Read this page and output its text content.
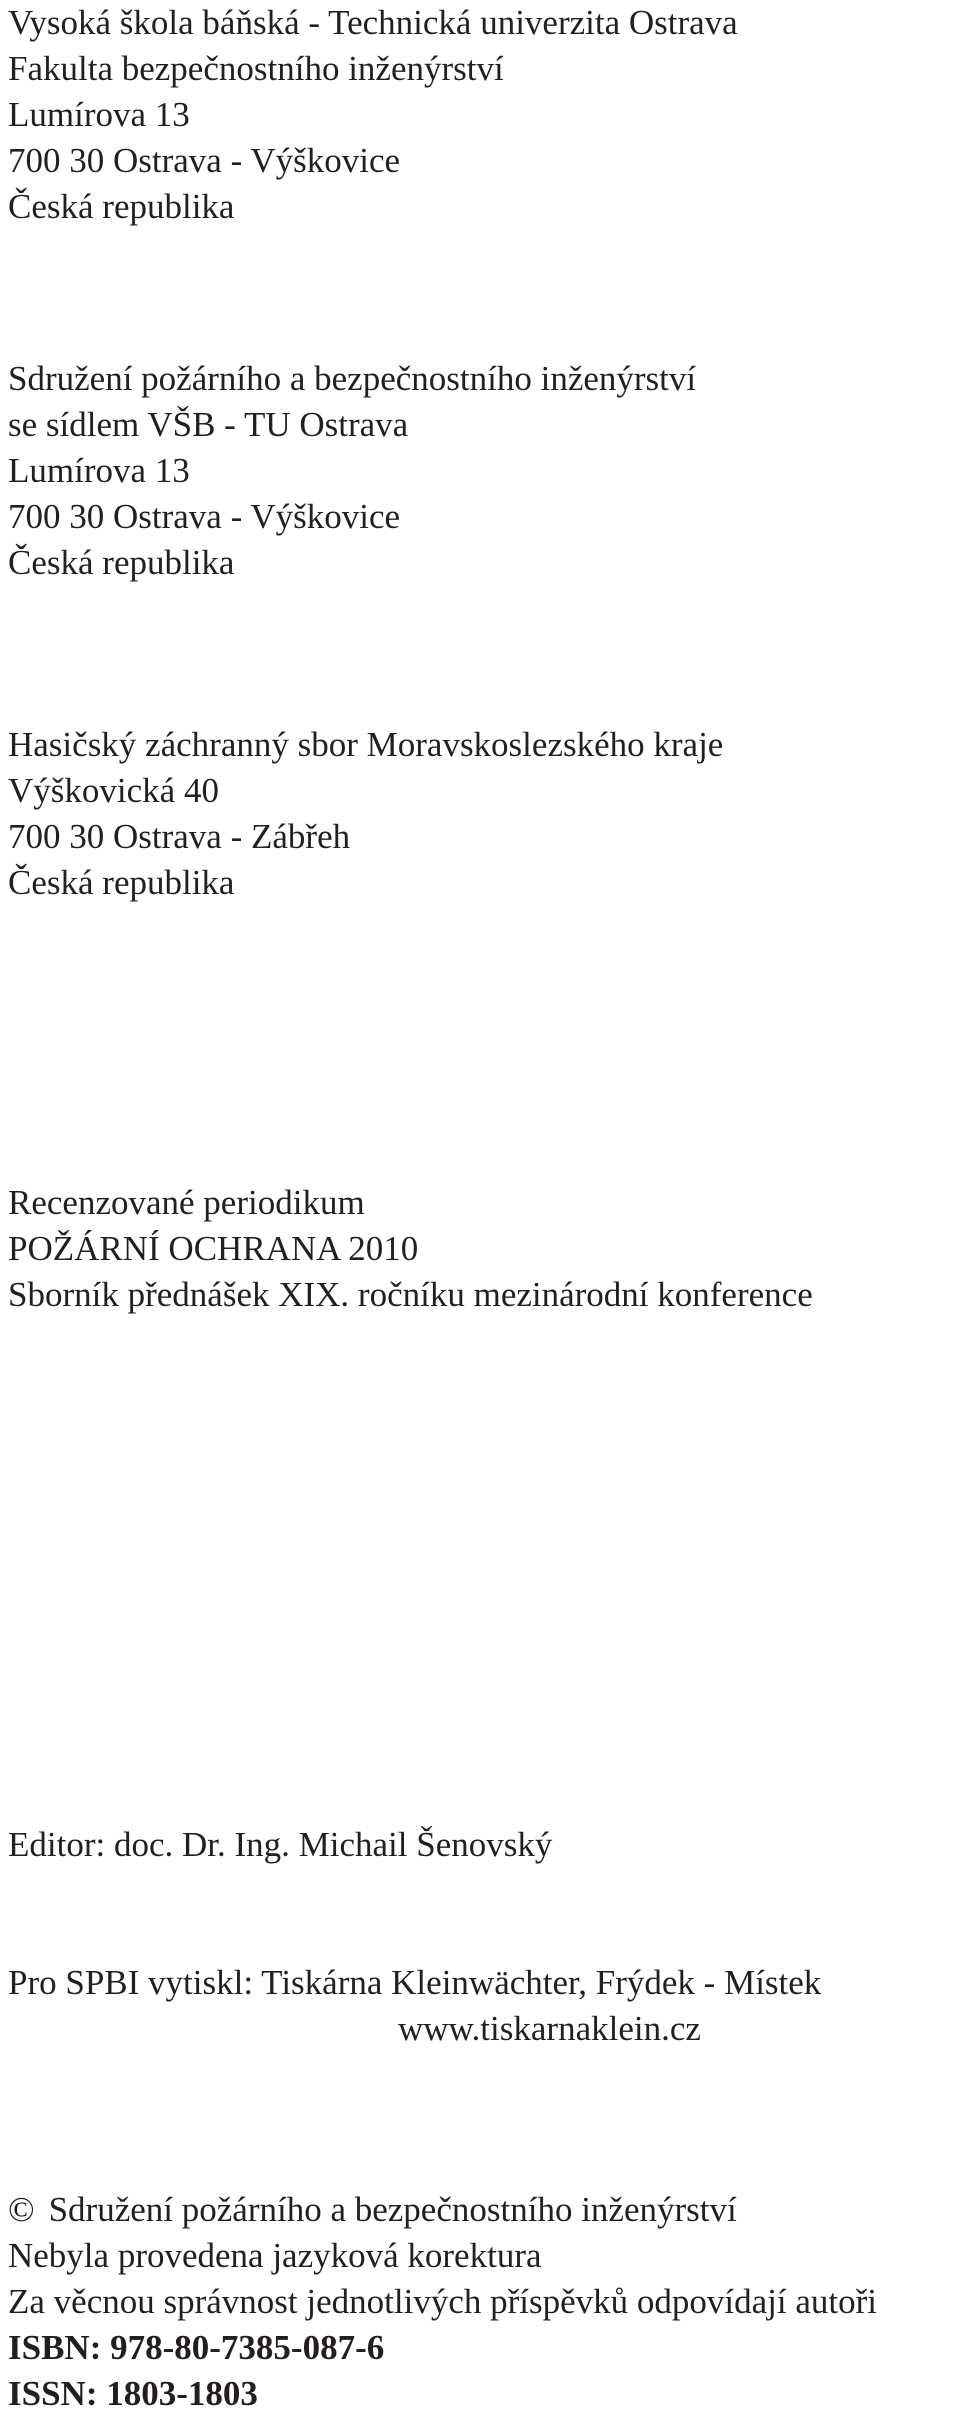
Vysoká škola báňská - Technická univerzita Ostrava
Fakulta bezpečnostního inženýrství
Lumírova 13
700 30 Ostrava - Výškovice
Česká republika
Sdružení požárního a bezpečnostního inženýrství
se sídlem VŠB - TU Ostrava
Lumírova 13
700 30 Ostrava - Výškovice
Česká republika
Hasičský záchranný sbor Moravskoslezského kraje
Výškovická 40
700 30 Ostrava - Zábřeh
Česká republika
Recenzované periodikum
POŽÁRNÍ OCHRANA 2010
Sborník přednášek XIX. ročníku mezinárodní konference
Editor: doc. Dr. Ing. Michail Šenovský
Pro SPBI vytiskl: Tiskárna Kleinwächter, Frýdek - Místek
www.tiskarnaklein.cz
© Sdružení požárního a bezpečnostního inženýrství
Nebyla provedena jazyková korektura
Za věcnou správnost jednotlivých příspěvků odpovídají autoři
ISBN: 978-80-7385-087-6
ISSN: 1803-1803
